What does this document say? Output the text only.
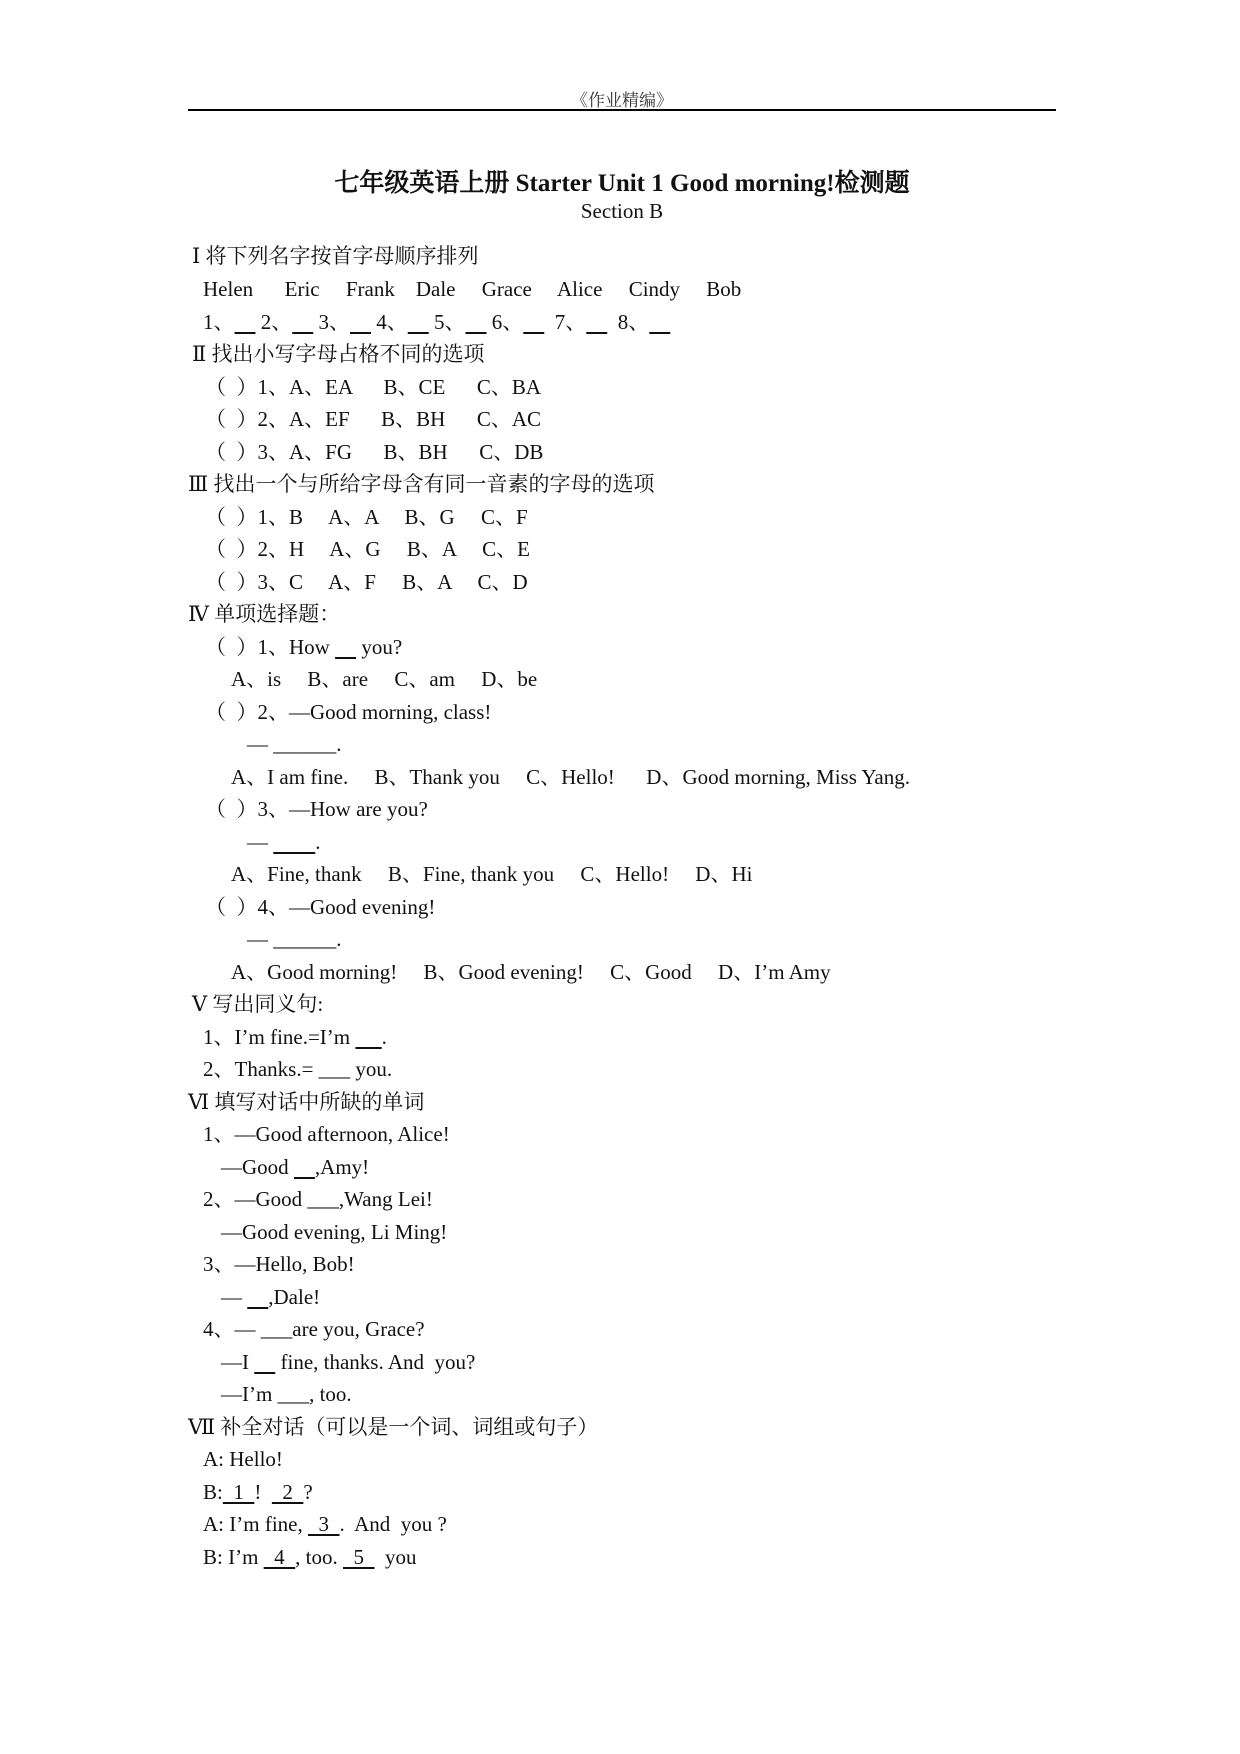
《作业精编》
七年级英语上册 Starter Unit 1 Good morning!检测题
Section B
Ⅰ 将下列名字按首字母顺序排列
Helen      Eric     Frank    Dale     Grace     Alice     Cindy     Bob
1、     2、     3、     4、     5、     6、      7、      8、
Ⅱ 找出小写字母占格不同的选项
（  ）1、A、EA      B、CE      C、BA
（  ）2、A、EF      B、BH      C、AC
（  ）3、A、FG      B、BH      C、DB
Ⅲ 找出一个与所给字母含有同一音素的字母的选项
（  ）1、B     A、A     B、G     C、F
（  ）2、H     A、G     B、A     C、E
（  ）3、C     A、F     B、A     C、D
Ⅳ 单项选择题：
（  ）1、How      you?
A、is     B、are     C、am     D、be
（  ）2、—Good morning, class!
— ______.
A、I am fine.     B、Thank you     C、Hello!      D、Good morning, Miss Yang.
（  ）3、—How are you?
—         .
A、Fine, thank     B、Fine, thank you     C、Hello!     D、Hi
（  ）4、—Good evening!
— ______.
A、Good morning!     B、Good evening!     C、Good     D、I’m Amy
Ⅴ 写出同义句:
1、I’m fine.=I’m      .
2、Thanks.= ___ you.
Ⅵ 填写对话中所缺的单词
1、—Good afternoon, Alice!
—Good     ,Amy!
2、—Good ___,Wang Lei!
—Good evening, Li Ming!
3、—Hello, Bob!
—     ,Dale!
4、— ___are you, Grace?
—I      fine, thanks. And  you?
—I’m ___, too.
Ⅶ 补全对话（可以是一个词、词组或句子）
A: Hello!
B:  1  !    2  ?
A: I’m fine,   3  .  And  you ?
B: I’m   4  , too.   5    you
